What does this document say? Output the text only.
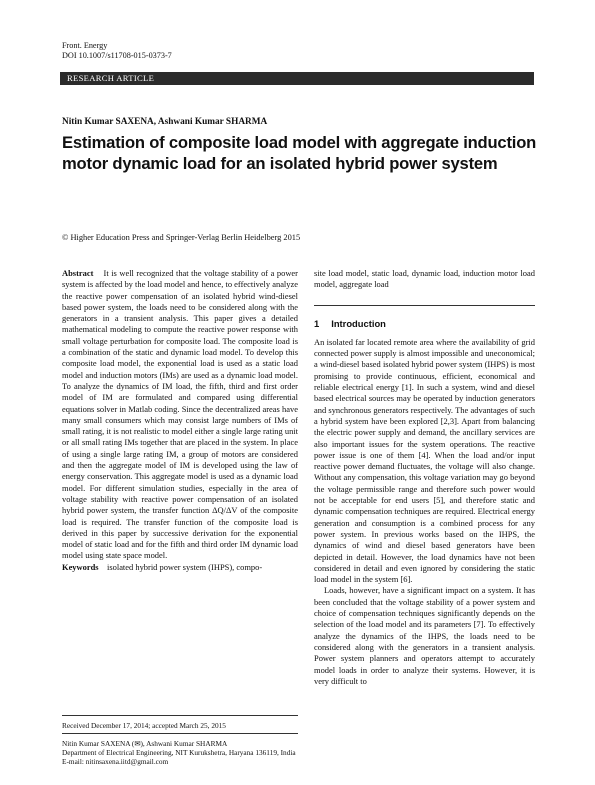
Front. Energy
DOI 10.1007/s11708-015-0373-7
RESEARCH ARTICLE
Nitin Kumar SAXENA, Ashwani Kumar SHARMA
Estimation of composite load model with aggregate induction motor dynamic load for an isolated hybrid power system
© Higher Education Press and Springer-Verlag Berlin Heidelberg 2015

Abstract It is well recognized that the voltage stability of a power system is affected by the load model and hence, to effectively analyze the reactive power compensation of an isolated hybrid wind-diesel based power system, the loads need to be considered along with the generators in a transient analysis. This paper gives a detailed mathematical modeling to compute the reactive power response with small voltage perturbation for composite load. The composite load is a combination of the static and dynamic load model. To develop this composite load model, the exponential load is used as a static load model and induction motors (IMs) are used as a dynamic load model. To analyze the dynamics of IM load, the fifth, third and first order model of IM are formulated and compared using differential equations solver in Matlab coding. Since the decentralized areas have many small consumers which may consist large numbers of IMs of small rating, it is not realistic to model either a single large rating unit or all small rating IMs together that are placed in the system. In place of using a single large rating IM, a group of motors are considered and then the aggregate model of IM is developed using the law of energy conservation. This aggregate model is used as a dynamic load model. For different simulation studies, especially in the area of voltage stability with reactive power compensation of an isolated hybrid power system, the transfer function ΔQ/ΔV of the composite load is required. The transfer function of the composite load is derived in this paper by successive derivation for the exponential model of static load and for the fifth and third order IM dynamic load model using state space model.

Keywords isolated hybrid power system (IHPS), compo-

site load model, static load, dynamic load, induction motor load model, aggregate load

1 Introduction

An isolated far located remote area where the availability of grid connected power supply is almost impossible and uneconomical; a wind-diesel based isolated hybrid power system (IHPS) is most promising to provide continuous, efficient, economical and reliable electrical energy [1]. In such a system, wind and diesel based electrical sources may be operated by induction generators and synchronous generators respectively. The advantages of such a hybrid system have been explored [2,3]. Apart from balancing the electric power supply and demand, the ancillary services are also important issues for the system operations. The reactive power issue is one of them [4]. When the load and/or input reactive power demand fluctuates, the voltage will also change. Without any compensation, this voltage variation may go beyond the voltage permissible range and therefore such power would not be acceptable for end users [5], and therefore static and dynamic compensation techniques are required. Electrical energy generation and consumption is a combined process for any power system. In previous works based on the IHPS, the dynamics of wind and diesel based generators have been depicted in detail. However, the load dynamics have not been considered in detail and even ignored by considering the static load model in the system [6].

Loads, however, have a significant impact on a system. It has been concluded that the voltage stability of a power system and choice of compensation techniques significantly depends on the selection of the load model and its parameters [7]. To effectively analyze the dynamics of the IHPS, the loads need to be considered along with the generators in a transient analysis. Power system planners and operators attempt to accurately model loads in order to analyze their systems. However, it is very difficult to

Received December 17, 2014; accepted March 25, 2015

Nitin Kumar SAXENA (✉), Ashwani Kumar SHARMA

Department of Electrical Engineering, NIT Kurukshetra, Haryana 136119, India

E-mail: nitinsaxena.iitd@gmail.com
